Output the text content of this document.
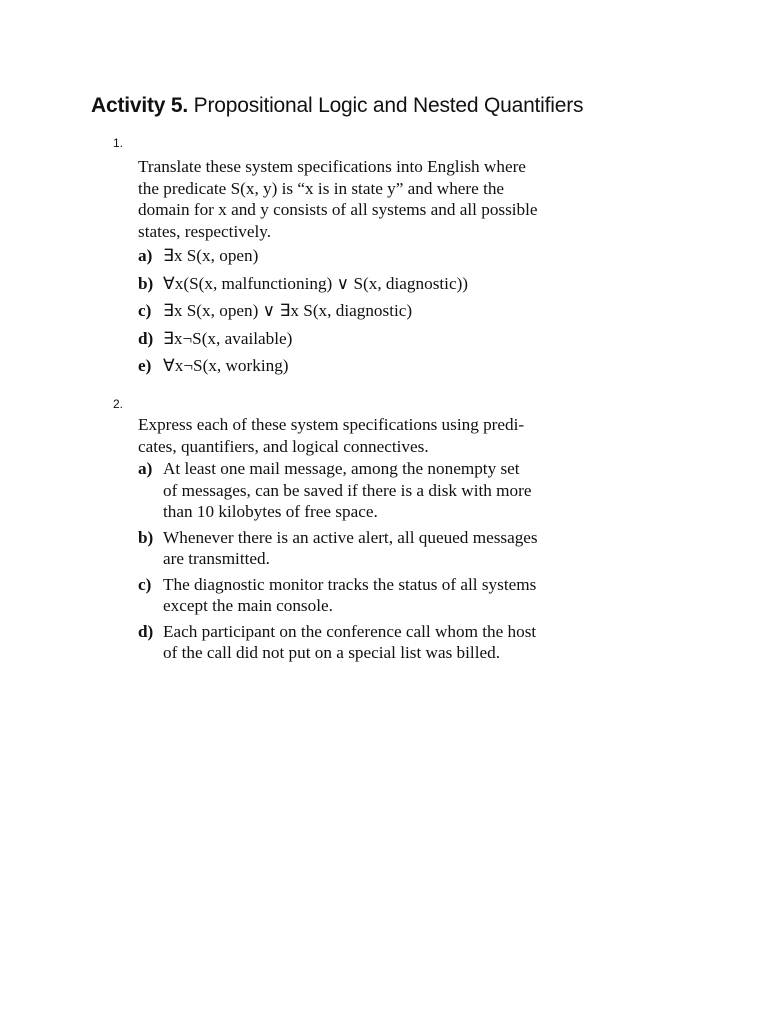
Activity 5. Propositional Logic and Nested Quantifiers
1.

Translate these system specifications into English where

the predicate S(x, y) is “x is in state y” and where the

domain for x and y consists of all systems and all possible

states, respectively.

a) ∃x S(x, open)
b) ∀x(S(x, malfunctioning) ∨ S(x, diagnostic))
c) ∃x S(x, open) ∨ ∃x S(x, diagnostic)
d) ∃x¬S(x, available)
e) ∀x¬S(x, working)
2.

Express each of these system specifications using predi-

cates, quantifiers, and logical connectives.

a) At least one mail message, among the nonempty set

of messages, can be saved if there is a disk with more

than 10 kilobytes of free space.

b) Whenever there is an active alert, all queued messages

are transmitted.

c) The diagnostic monitor tracks the status of all systems

except the main console.

d) Each participant on the conference call whom the host

of the call did not put on a special list was billed.
